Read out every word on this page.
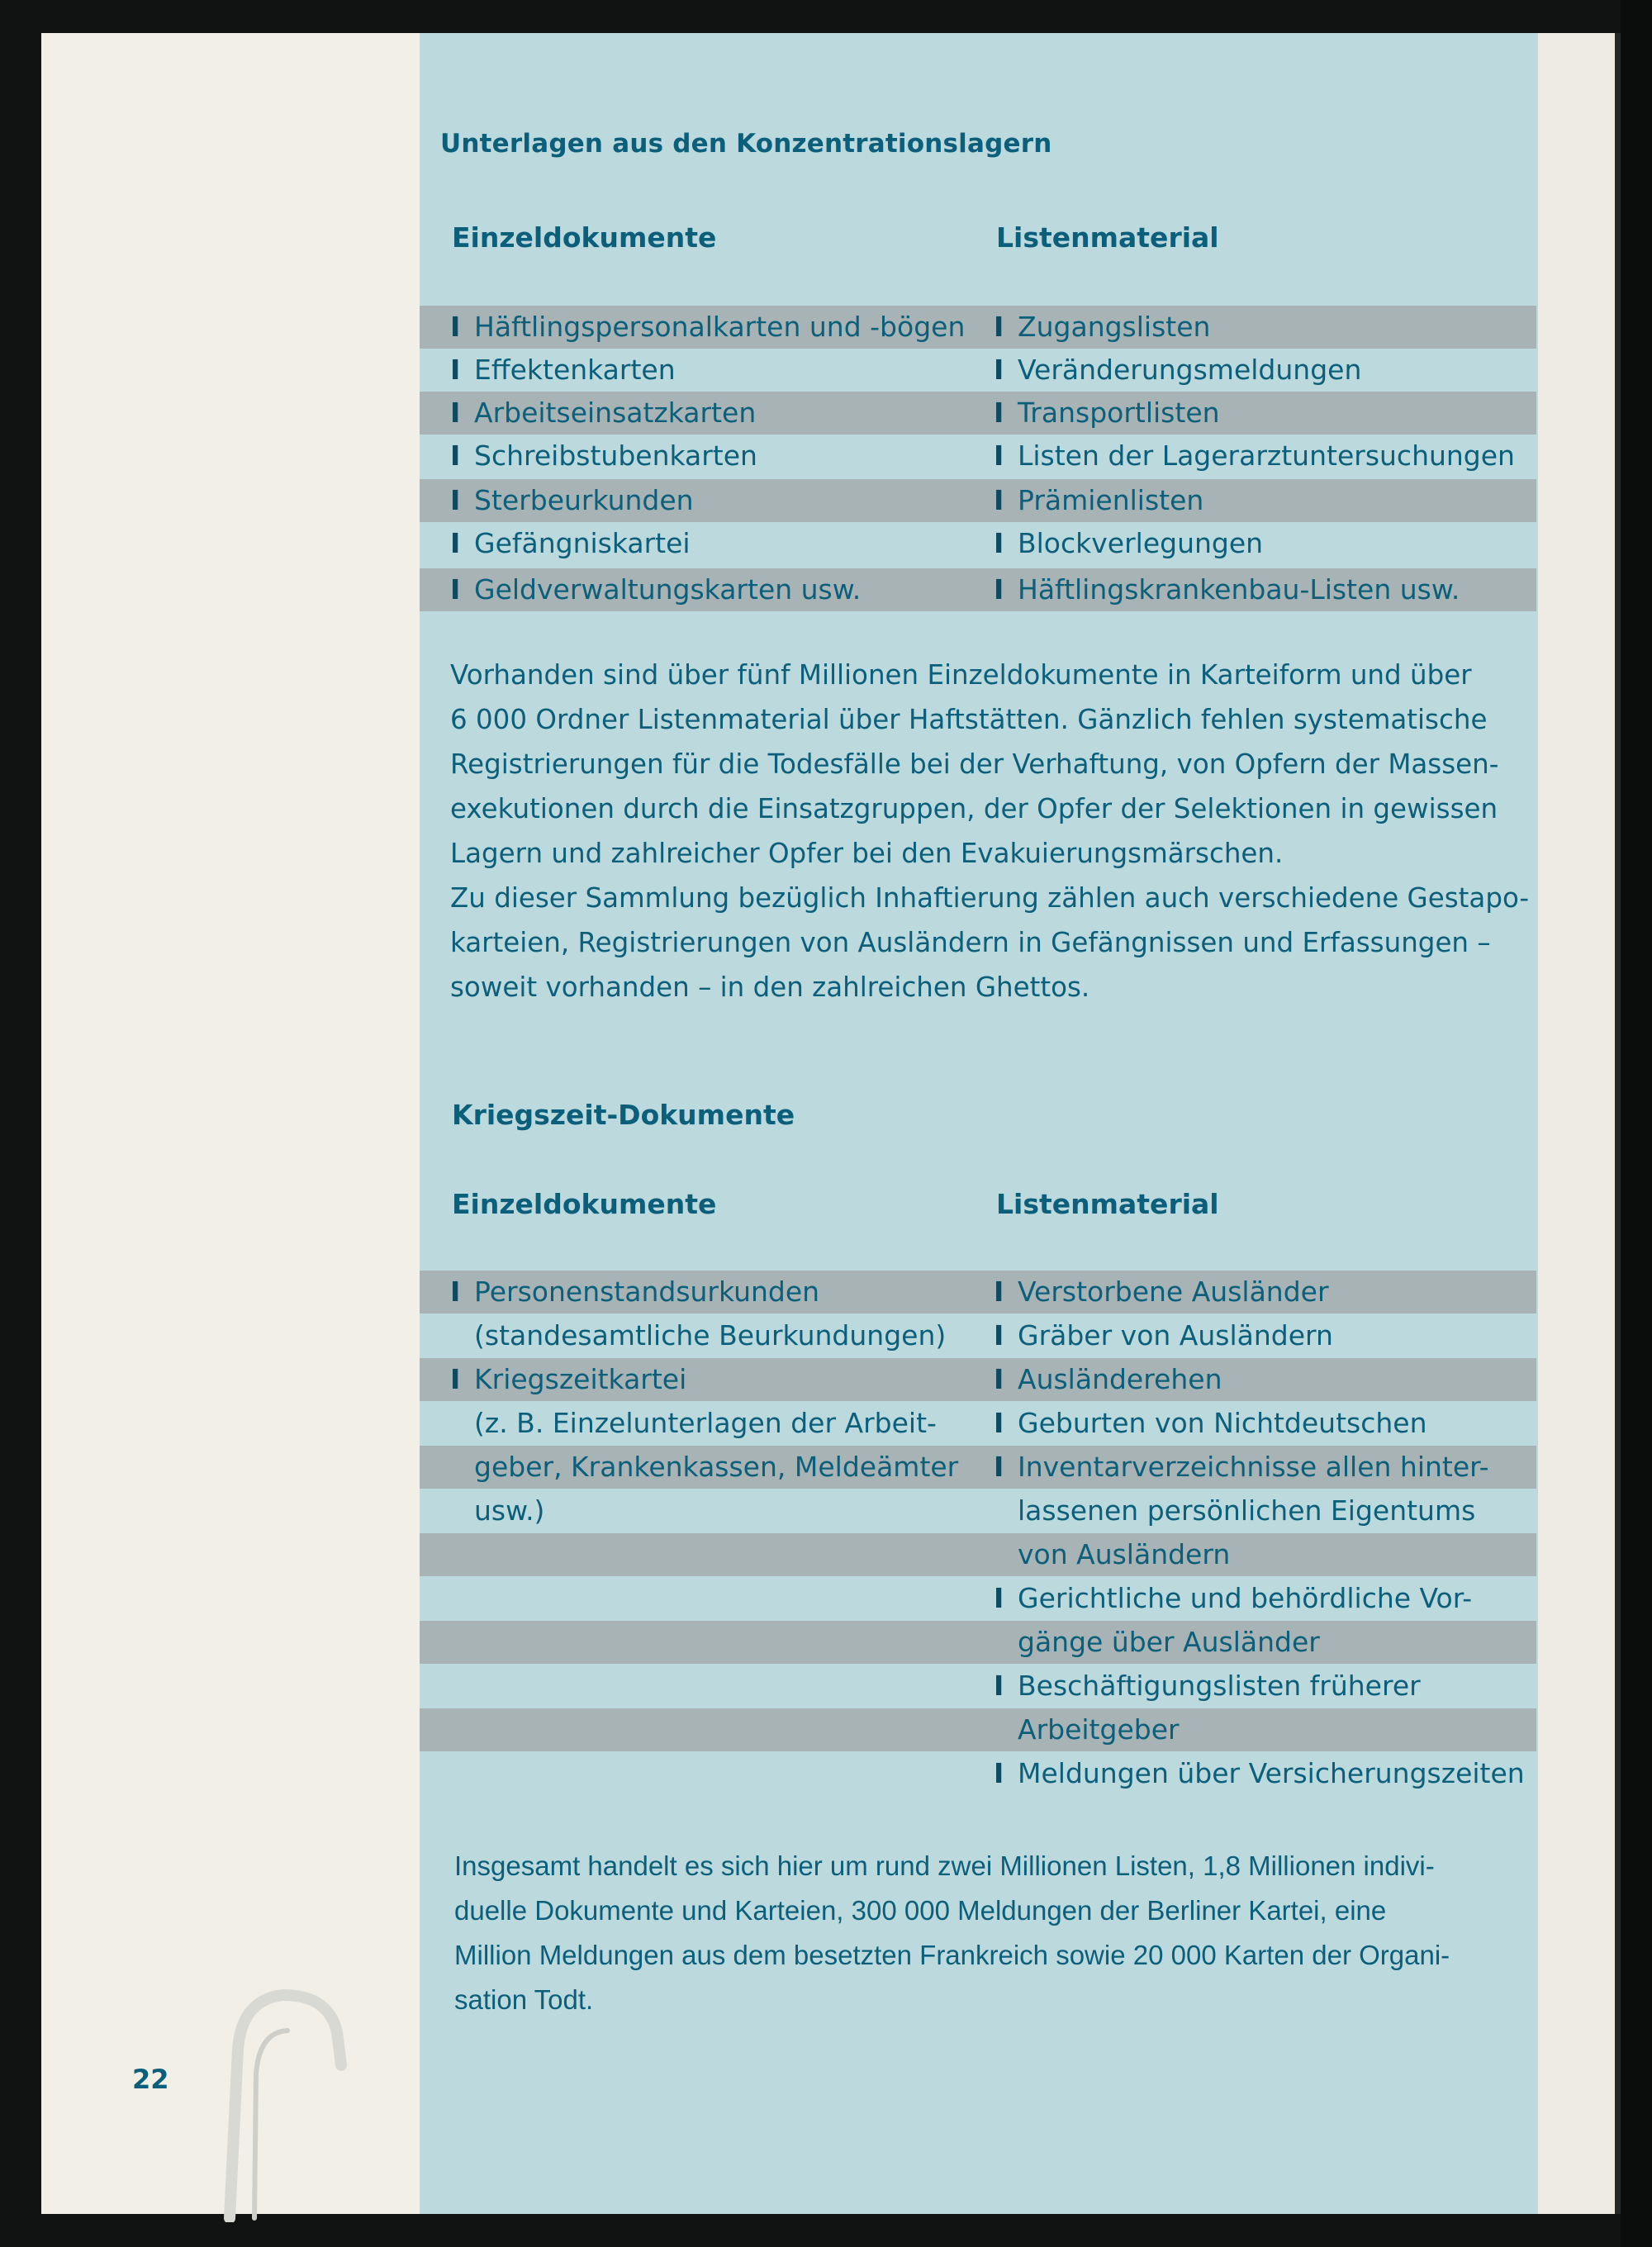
Unterlagen aus den Konzentrationslagern
Einzeldokumente	Listenmaterial
I Häftlingspersonalkarten und -bögen I Zugangslisten
I Effektenkarten	I Veränderungsmeldungen
I Arbeitseinsatzkarten	I Transportlisten
I Schreibstubenkarten	I Listen der Lagerarztuntersuchungen
I Sterbeurkunden	I Prämienlisten
I Gefängniskartei	I Blockverlegungen
I Geldverwaltungskarten usw.	I Häftlingskrankenbau-Listen usw.
Vorhanden sind über fünf Millionen Einzeldokumente in Karteiform und über
6 000 Ordner Listenmaterial über Haftstätten. Gänzlich fehlen systematische
Registrierungen für die Todesfälle bei der Verhaftung, von Opfern der Massen-
exekutionen durch die Einsatzgruppen, der Opfer der Selektionen in gewissen
Lagern und zahlreicher Opfer bei den Evakuierungsmärschen.
Zu dieser Sammlung bezüglich Inhaftierung zählen auch verschiedene Gestapo-
karteien, Registrierungen von Ausländern in Gefängnissen und Erfassungen –
soweit vorhanden – in den zahlreichen Ghettos.
Kriegszeit-Dokumente
Einzeldokumente	Listenmaterial
I Personenstandsurkunden	I Verstorbene Ausländer
(standesamtliche Beurkundungen) I Gräber von Ausländern
I Kriegszeitkartei	I Ausländerehen
(z. B. Einzelunterlagen der Arbeit- I Geburten von Nichtdeutschen
geber, Krankenkassen, Meldeämter I Inventarverzeichnisse allen hinter-
usw.)	lassenen persönlichen Eigentums
von Ausländern
I Gerichtliche und behördliche Vor-
gänge über Ausländer
I Beschäftigungslisten früherer
Arbeitgeber
I Meldungen über Versicherungszeiten
Insgesamt handelt es sich hier um rund zwei Millionen Listen, 1,8 Millionen indivi-
duelle Dokumente und Karteien, 300 000 Meldungen der Berliner Kartei, eine
Million Meldungen aus dem besetzten Frankreich sowie 20 000 Karten der Organi-
sation Todt.
22
